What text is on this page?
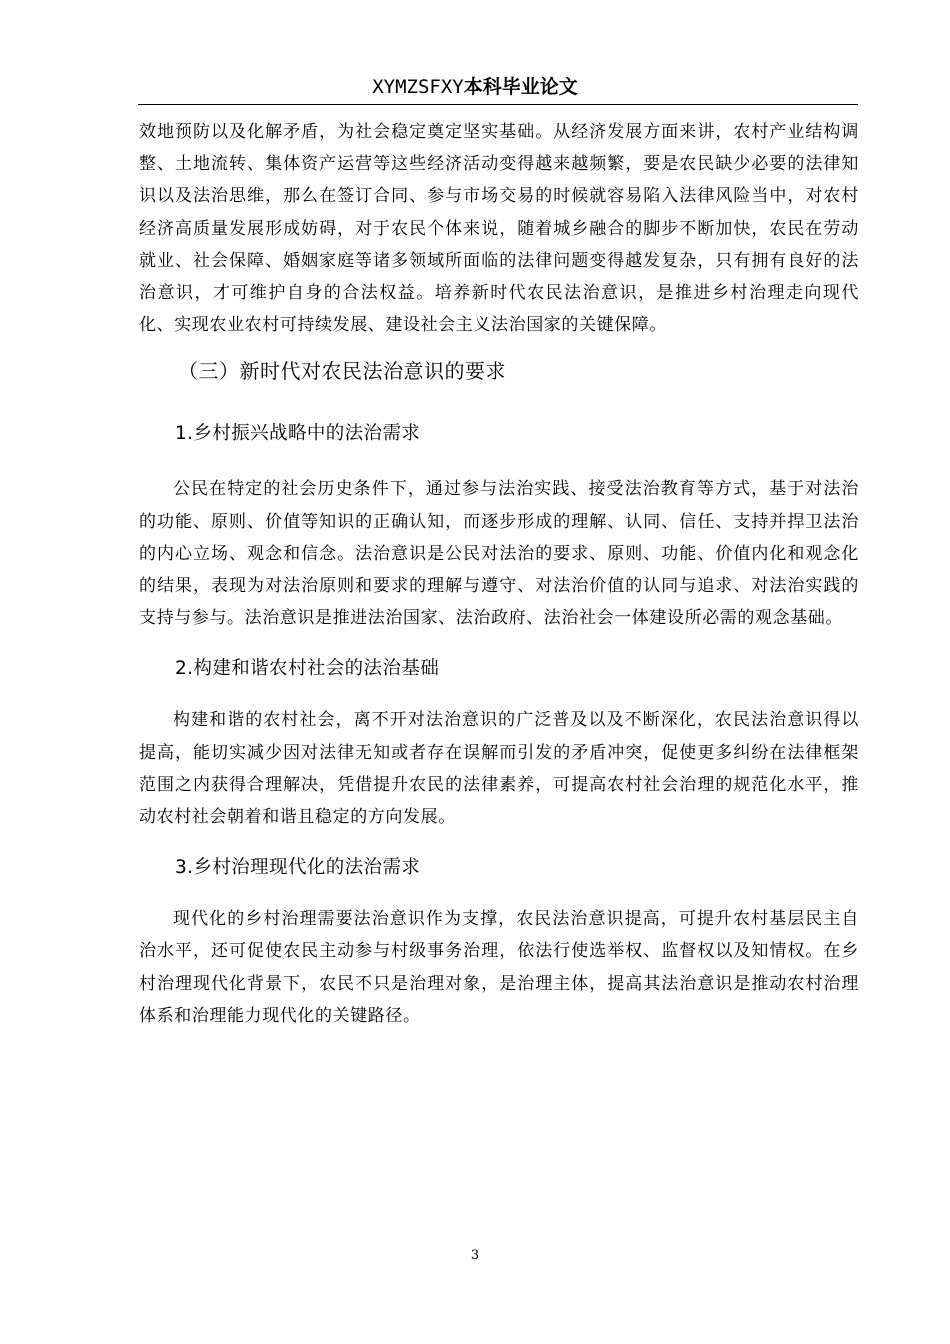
XYMZSFXY本科毕业论文

效地预防以及化解矛盾，为社会稳定奠定坚实基础。从经济发展方面来讲，农村产业结构调整、土地流转、集体资产运营等这些经济活动变得越来越频繁，要是农民缺少必要的法律知识以及法治思维，那么在签订合同、参与市场交易的时候就容易陷入法律风险当中，对农村经济高质量发展形成妨碍，对于农民个体来说，随着城乡融合的脚步不断加快，农民在劳动就业、社会保障、婚姻家庭等诸多领域所面临的法律问题变得越发复杂，只有拥有良好的法治意识，才可维护自身的合法权益。培养新时代农民法治意识，是推进乡村治理走向现代化、实现农业农村可持续发展、建设社会主义法治国家的关键保障。

（三）新时代对农民法治意识的要求
1.乡村振兴战略中的法治需求

公民在特定的社会历史条件下，通过参与法治实践、接受法治教育等方式，基于对法治的功能、原则、价值等知识的正确认知，而逐步形成的理解、认同、信任、支持并捍卫法治的内心立场、观念和信念。法治意识是公民对法治的要求、原则、功能、价值内化和观念化的结果，表现为对法治原则和要求的理解与遵守、对法治价值的认同与追求、对法治实践的支持与参与。法治意识是推进法治国家、法治政府、法治社会一体建设所必需的观念基础。

2.构建和谐农村社会的法治基础

构建和谐的农村社会，离不开对法治意识的广泛普及以及不断深化，农民法治意识得以提高，能切实减少因对法律无知或者存在误解而引发的矛盾冲突，促使更多纠纷在法律框架范围之内获得合理解决，凭借提升农民的法律素养，可提高农村社会治理的规范化水平，推动农村社会朝着和谐且稳定的方向发展。

3.乡村治理现代化的法治需求

现代化的乡村治理需要法治意识作为支撑，农民法治意识提高，可提升农村基层民主自治水平，还可促使农民主动参与村级事务治理，依法行使选举权、监督权以及知情权。在乡村治理现代化背景下，农民不只是治理对象，是治理主体，提高其法治意识是推动农村治理体系和治理能力现代化的关键路径。

3
